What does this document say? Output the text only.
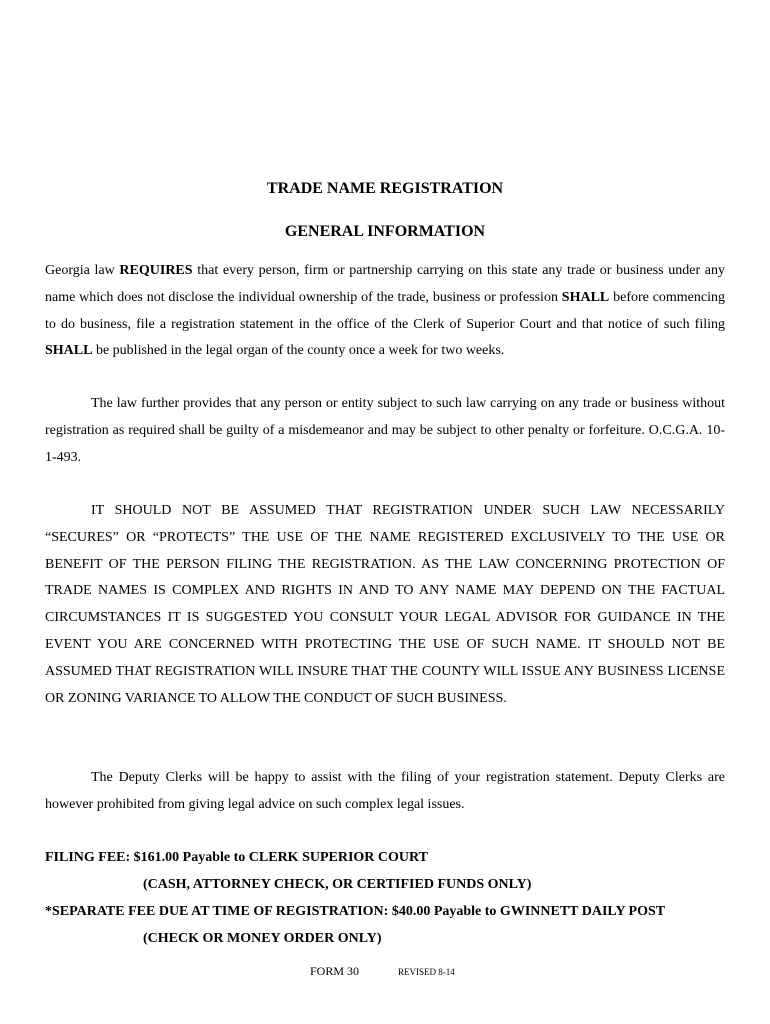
TRADE NAME REGISTRATION
GENERAL INFORMATION

Georgia law REQUIRES that every person, firm or partnership carrying on this state any trade or business under any name which does not disclose the individual ownership of the trade, business or profession SHALL before commencing to do business, file a registration statement in the office of the Clerk of Superior Court and that notice of such filing SHALL be published in the legal organ of the county once a week for two weeks.

The law further provides that any person or entity subject to such law carrying on any trade or business without registration as required shall be guilty of a misdemeanor and may be subject to other penalty or forfeiture. O.C.G.A. 10-1-493.

IT SHOULD NOT BE ASSUMED THAT REGISTRATION UNDER SUCH LAW NECESSARILY “SECURES” OR “PROTECTS” THE USE OF THE NAME REGISTERED EXCLUSIVELY TO THE USE OR BENEFIT OF THE PERSON FILING THE REGISTRATION. AS THE LAW CONCERNING PROTECTION OF TRADE NAMES IS COMPLEX AND RIGHTS IN AND TO ANY NAME MAY DEPEND ON THE FACTUAL CIRCUMSTANCES IT IS SUGGESTED YOU CONSULT YOUR LEGAL ADVISOR FOR GUIDANCE IN THE EVENT YOU ARE CONCERNED WITH PROTECTING THE USE OF SUCH NAME. IT SHOULD NOT BE ASSUMED THAT REGISTRATION WILL INSURE THAT THE COUNTY WILL ISSUE ANY BUSINESS LICENSE OR ZONING VARIANCE TO ALLOW THE CONDUCT OF SUCH BUSINESS.

The Deputy Clerks will be happy to assist with the filing of your registration statement. Deputy Clerks are however prohibited from giving legal advice on such complex legal issues.

FILING FEE: $161.00 Payable to CLERK SUPERIOR COURT

(CASH, ATTORNEY CHECK, OR CERTIFIED FUNDS ONLY)

*SEPARATE FEE DUE AT TIME OF REGISTRATION: $40.00 Payable to GWINNETT DAILY POST

(CHECK OR MONEY ORDER ONLY)

FORM 30	REVISED 8-14
